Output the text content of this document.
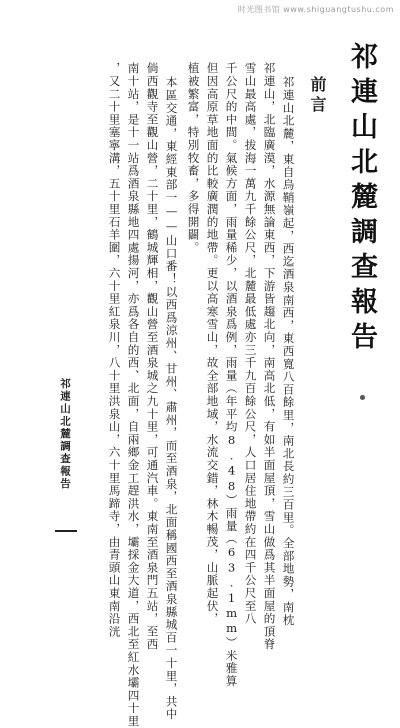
时光图书馆 www.shiguangtushu.com
祁連山北麓調查報告
前言
祁連山北麓，東自烏鞘嶺起，西迄酒泉南西，東西寬八百餘里，南北長約三百里。全部地勢，南枕
祁連山，北臨廣漠，水源無論東西，下游皆趨北向，南高北低，有如半面屋頂，雪山做爲其半面屋的頂脊
雪山最高處，拔海一萬九千餘公尺，北麓最低處亦三千九百餘公尺，人口居住地帶約在四千公尺至八
千公尺的中間。氣候方面，雨量稀少，以酒泉爲例，雨量（年平均8.48）雨量（63.1mm）米雅算
但因高原草地面的比較廣潤的地帶。更以高寒雪山，故全部地域，水流交錯，林木暢茂，山脈起伏，
植被繁富，特別牧畜，多得開闢。
本區交通，東經東部一——山口番！以西爲涼州、甘州、肅州，而至酒泉，北面稱國西至酒泉縣城百一十里，共中
倘西觀寺至觀山營，二十里，鶴城輝相，觀山營至酒泉城之九十里，可通汽車。東南至酒泉門五站，至西
南十站，是十一站爲酒泉縣地四處揚河，亦爲各自的西、北面，自兩鄉金工趕洪水，壩採金大道，西北至紅水壩四十里
，又二十里塞寧溝，五十里石羊圍，六十里紅泉川，八十里洪泉山，六十里馬蹄寺，由青頭山東南沿洸
祁連山北麓調查報告
